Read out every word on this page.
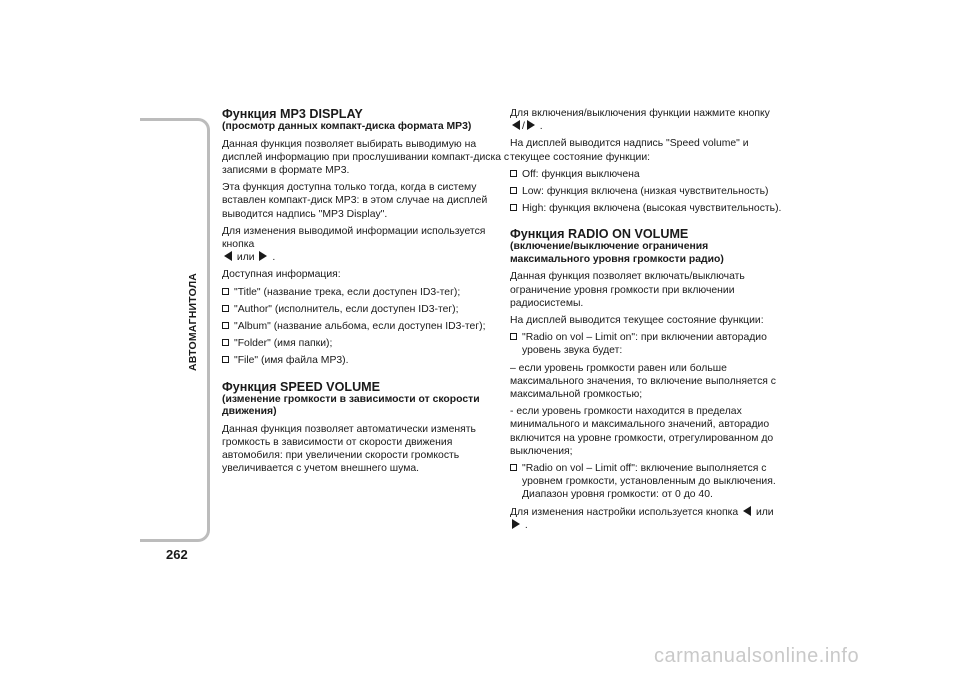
АВТОМАГНИТОЛА
262
Функция MP3 DISPLAY
(просмотр данных компакт-диска формата MP3)

Данная функция позволяет выбирать выводимую на дисплей информацию при прослушивании компакт-диска с записями в формате MP3.

Эта функция доступна только тогда, когда в систему вставлен компакт-диск MP3: в этом случае на дисплей выводится надпись "MP3 Display".

Для изменения выводимой информации используется кнопка
или .

Доступная информация:

"Title" (название трека, если доступен ID3-тег);
"Author" (исполнитель, если доступен ID3-тег);
"Album" (название альбома, если доступен ID3-тег);
"Folder" (имя папки);
"File" (имя файла MP3).
Функция SPEED VOLUME
(изменение громкости в зависимости от скорости движения)

Данная функция позволяет автоматически изменять громкость в зависимости от скорости движения автомобиля: при увеличении скорости громкость увеличивается с учетом внешнего шума.

Для включения/выключения функции нажмите кнопку / .

На дисплей выводится надпись "Speed volume" и текущее состояние функции:

Off: функция выключена
Low: функция включена (низкая чувствительность)
High: функция включена (высокая чувствительность).
Функция RADIO ON VOLUME
(включение/выключение ограничения максимального уровня громкости радио)

Данная функция позволяет включать/выключать ограничение уровня громкости при включении радиосистемы.

На дисплей выводится текущее состояние функции:

"Radio on vol – Limit on": при включении авторадио уровень звука будет:

– если уровень громкости равен или больше максимального значения, то включение выполняется с максимальной громкостью;

- если уровень громкости находится в пределах минимального и максимального значений, авторадио включится на уровне громкости, отрегулированном до выключения;

"Radio on vol – Limit off": включение выполняется с уровнем громкости, установленным до выключения. Диапазон уровня громкости: от 0 до 40.

Для изменения настройки используется кнопка или  .

carmanualsonline.info
